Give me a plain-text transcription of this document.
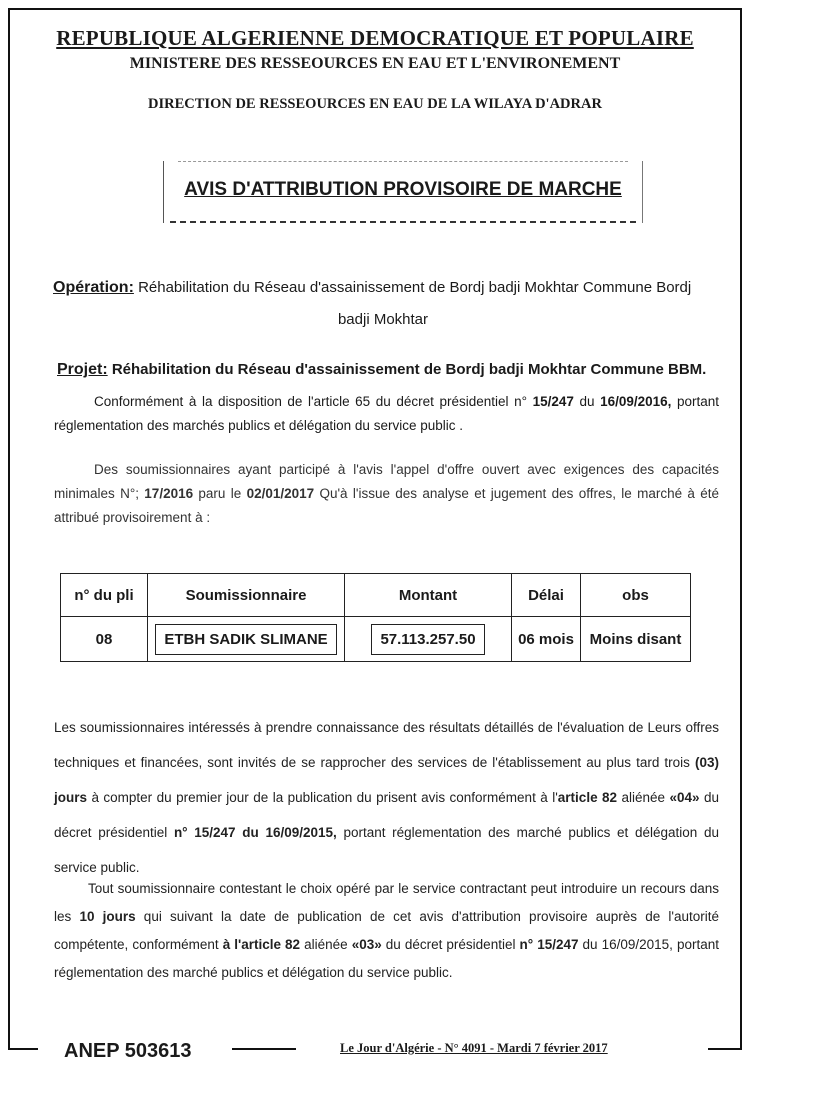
REPUBLIQUE ALGERIENNE DEMOCRATIQUE ET POPULAIRE
MINISTERE DES RESSEOURCES EN EAU ET L'ENVIRONEMENT
DIRECTION DE RESSEOURCES EN EAU DE LA WILAYA D'ADRAR
AVIS D'ATTRIBUTION PROVISOIRE DE MARCHE
Opération: Réhabilitation du Réseau d'assainissement de Bordj badji Mokhtar Commune Bordj
badji Mokhtar
Projet: Réhabilitation du Réseau d'assainissement de Bordj badji Mokhtar Commune BBM.
Conformément à la disposition de l'article 65 du décret présidentiel n° 15/247 du 16/09/2016, portant réglementation des marchés publics et délégation du service public .
Des soumissionnaires ayant participé à l'avis l'appel d'offre ouvert avec exigences des capacités minimales N°; 17/2016 paru le 02/01/2017 Qu'à l'issue des analyse et jugement des offres, le marché à été attribué provisoirement à :
n° du pli	Soumissionnaire	Montant	Délai	obs
08	ETBH SADIK SLIMANE	57.113.257.50	06 mois	Moins disant
Les soumissionnaires intéressés à prendre connaissance des résultats détaillés de l'évaluation de Leurs offres techniques et financées, sont invités de se rapprocher des services de l'établissement au plus tard trois (03) jours à compter du premier jour de la publication du prisent avis conformément à l'article 82 aliénée «04» du décret présidentiel n° 15/247 du 16/09/2015, portant réglementation des marché publics et délégation du service public.
Tout soumissionnaire contestant le choix opéré par le service contractant peut introduire un recours dans les 10 jours qui suivant la date de publication de cet avis d'attribution provisoire auprès de l'autorité compétente, conformément à l'article 82 aliénée «03» du décret présidentiel n° 15/247 du 16/09/2015, portant réglementation des marché publics et délégation du service public.
ANEP 503613	Le Jour d'Algérie - N° 4091 - Mardi 7 février 2017
